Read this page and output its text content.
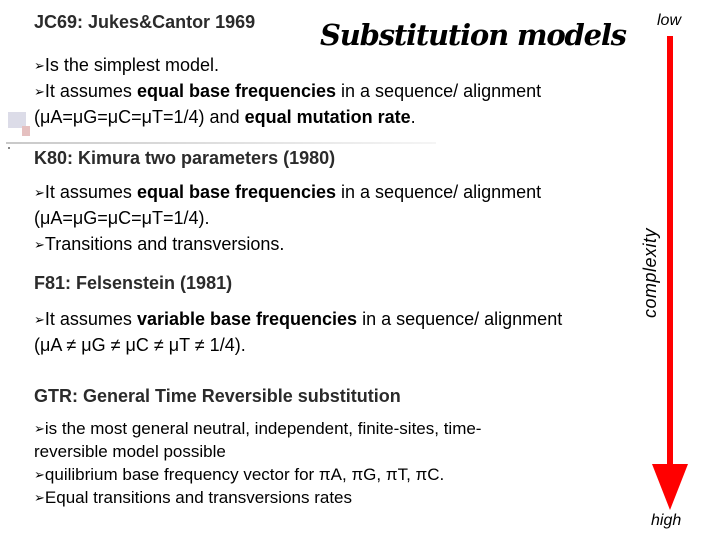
JC69: Jukes&Cantor 1969 Substitution models
➢Is the simplest model.
➢It assumes equal base frequencies in a sequence/ alignment
(μA=μG=μC=μT=1/4) and equal mutation rate.
K80: Kimura two parameters (1980)
➢It assumes equal base frequencies in a sequence/ alignment
(μA=μG=μC=μT=1/4).
➢Transitions and transversions.
F81: Felsenstein (1981)
➢It assumes variable base frequencies in a sequence/ alignment
(μA ≠ μG ≠ μC ≠ μT ≠ 1/4).
GTR: General Time Reversible substitution
➢is the most general neutral, independent, finite-sites, time-
reversible model possible
➢quilibrium base frequency vector for πA, πG, πT, πC.
➢Equal transitions and transversions rates
low
complexity
high
